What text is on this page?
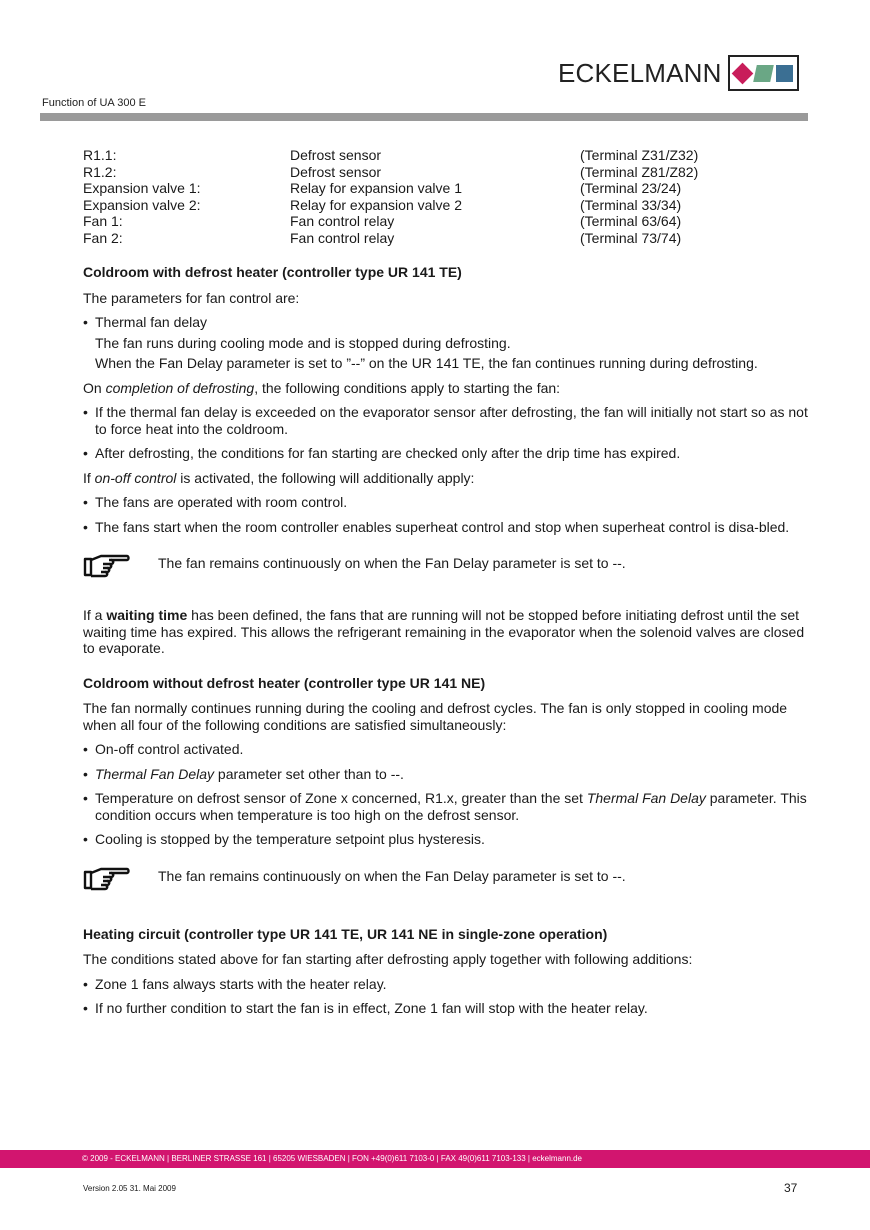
ECKELMANN
Function of UA 300 E
R1.1:	Defrost sensor	(Terminal Z31/Z32)
R1.2:	Defrost sensor	(Terminal Z81/Z82)
Expansion valve 1:	Relay for expansion valve 1	(Terminal 23/24)
Expansion valve 2:	Relay for expansion valve 2	(Terminal 33/34)
Fan 1:	Fan control relay	(Terminal 63/64)
Fan 2:	Fan control relay	(Terminal 73/74)
Coldroom with defrost heater (controller type UR 141 TE)

The parameters for fan control are:

• Thermal fan delay
The fan runs during cooling mode and is stopped during defrosting.
When the Fan Delay parameter is set to ”--” on the UR 141 TE, the fan continues running during defrosting.

On completion of defrosting, the following conditions apply to starting the fan:

• If the thermal fan delay is exceeded on the evaporator sensor after defrosting, the fan will initially not start so as not to force heat into the coldroom.
• After defrosting, the conditions for fan starting are checked only after the drip time has expired.

If on-off control is activated, the following will additionally apply:

• The fans are operated with room control.
• The fans start when the room controller enables superheat control and stop when superheat control is disa-bled.
The fan remains continuously on when the Fan Delay parameter is set to --.

If a waiting time has been defined, the fans that are running will not be stopped before initiating defrost until the set waiting time has expired. This allows the refrigerant remaining in the evaporator when the solenoid valves are closed to evaporate.

Coldroom without defrost heater (controller type UR 141 NE)

The fan normally continues running during the cooling and defrost cycles. The fan is only stopped in cooling mode when all four of the following conditions are satisfied simultaneously:

• On-off control activated.
• Thermal Fan Delay parameter set other than to --.
• Temperature on defrost sensor of Zone x concerned, R1.x, greater than the set Thermal Fan Delay parameter. This condition occurs when temperature is too high on the defrost sensor.
• Cooling is stopped by the temperature setpoint plus hysteresis.
The fan remains continuously on when the Fan Delay parameter is set to --.
Heating circuit (controller type UR 141 TE, UR 141 NE in single-zone operation)

The conditions stated above for fan starting after defrosting apply together with following additions:

• Zone 1 fans always starts with the heater relay.
• If no further condition to start the fan is in effect, Zone 1 fan will stop with the heater relay.
© 2009 - ECKELMANN | BERLINER STRASSE 161 | 65205 WIESBADEN | FON +49(0)611 7103-0 | FAX 49(0)611 7103-133 | eckelmann.de
Version 2.05 31. Mai 2009	37
